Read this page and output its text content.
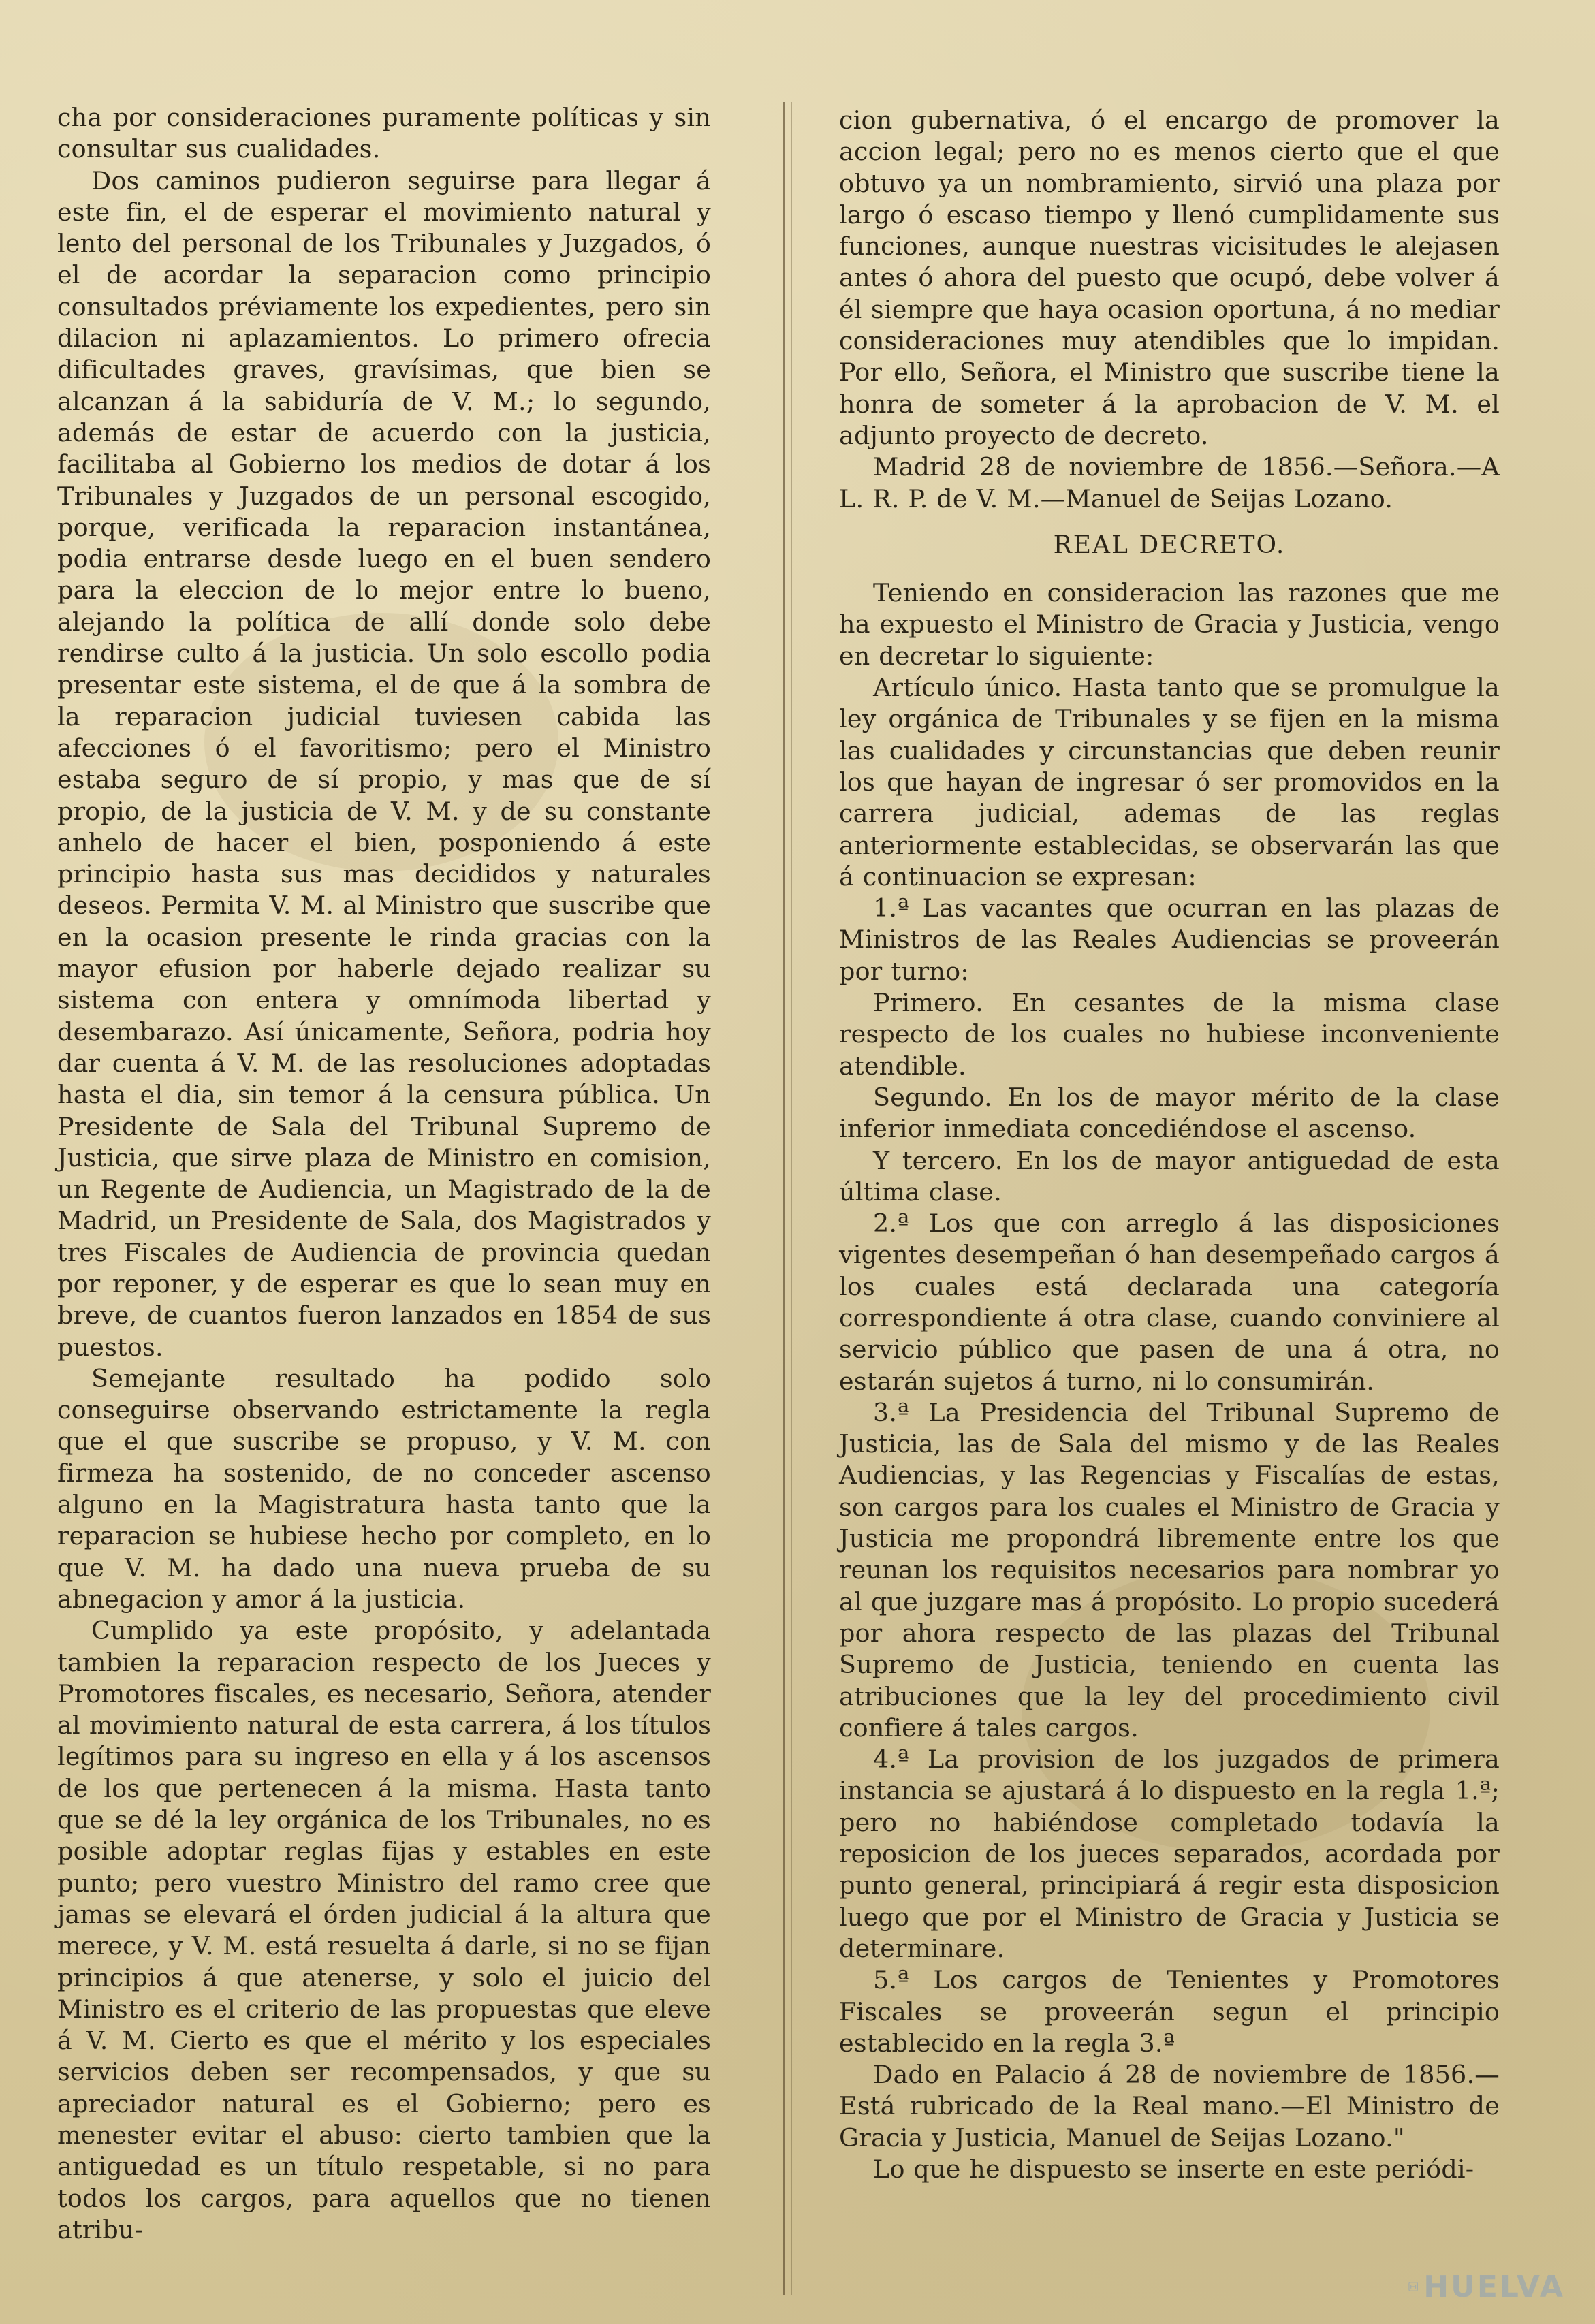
cha por consideraciones puramente políticas y sin consultar sus cualidades.

Dos caminos pudieron seguirse para llegar á este fin, el de esperar el movimiento natural y lento del personal de los Tribunales y Juzgados, ó el de acordar la separacion como principio consultados préviamente los expedientes, pero sin dilacion ni aplazamientos. Lo primero ofrecia dificultades graves, gravísimas, que bien se alcanzan á la sabiduría de V. M.; lo segundo, además de estar de acuerdo con la justicia, facilitaba al Gobierno los medios de dotar á los Tribunales y Juzgados de un personal escogido, porque, verificada la reparacion instantánea, podia entrarse desde luego en el buen sendero para la eleccion de lo mejor entre lo bueno, alejando la política de allí donde solo debe rendirse culto á la justicia. Un solo escollo podia presentar este sistema, el de que á la sombra de la reparacion judicial tuviesen cabida las afecciones ó el favoritismo; pero el Ministro estaba seguro de sí propio, y mas que de sí propio, de la justicia de V. M. y de su constante anhelo de hacer el bien, posponiendo á este principio hasta sus mas decididos y naturales deseos. Permita V. M. al Ministro que suscribe que en la ocasion presente le rinda gracias con la mayor efusion por haberle dejado realizar su sistema con entera y omnímoda libertad y desembarazo. Así únicamente, Señora, podria hoy dar cuenta á V. M. de las resoluciones adoptadas hasta el dia, sin temor á la censura pública. Un Presidente de Sala del Tribunal Supremo de Justicia, que sirve plaza de Ministro en comision, un Regente de Audiencia, un Magistrado de la de Madrid, un Presidente de Sala, dos Magistrados y tres Fiscales de Audiencia de provincia quedan por reponer, y de esperar es que lo sean muy en breve, de cuantos fueron lanzados en 1854 de sus puestos.

Semejante resultado ha podido solo conseguirse observando estrictamente la regla que el que suscribe se propuso, y V. M. con firmeza ha sostenido, de no conceder ascenso alguno en la Magistratura hasta tanto que la reparacion se hubiese hecho por completo, en lo que V. M. ha dado una nueva prueba de su abnegacion y amor á la justicia.

Cumplido ya este propósito, y adelantada tambien la reparacion respecto de los Jueces y Promotores fiscales, es necesario, Señora, atender al movimiento natural de esta carrera, á los títulos legítimos para su ingreso en ella y á los ascensos de los que pertenecen á la misma. Hasta tanto que se dé la ley orgánica de los Tribunales, no es posible adoptar reglas fijas y estables en este punto; pero vuestro Ministro del ramo cree que jamas se elevará el órden judicial á la altura que merece, y V. M. está resuelta á darle, si no se fijan principios á que atenerse, y solo el juicio del Ministro es el criterio de las propuestas que eleve á V. M. Cierto es que el mérito y los especiales servicios deben ser recompensados, y que su apreciador natural es el Gobierno; pero es menester evitar el abuso: cierto tambien que la antiguedad es un título respetable, si no para todos los cargos, para aquellos que no tienen atribu-

cion gubernativa, ó el encargo de promover la accion legal; pero no es menos cierto que el que obtuvo ya un nombramiento, sirvió una plaza por largo ó escaso tiempo y llenó cumplidamente sus funciones, aunque nuestras vicisitudes le alejasen antes ó ahora del puesto que ocupó, debe volver á él siempre que haya ocasion oportuna, á no mediar consideraciones muy atendibles que lo impidan. Por ello, Señora, el Ministro que suscribe tiene la honra de someter á la aprobacion de V. M. el adjunto proyecto de decreto.

Madrid 28 de noviembre de 1856.—Señora.—A L. R. P. de V. M.—Manuel de Seijas Lozano.

REAL DECRETO.

Teniendo en consideracion las razones que me ha expuesto el Ministro de Gracia y Justicia, vengo en decretar lo siguiente:

Artículo único. Hasta tanto que se promulgue la ley orgánica de Tribunales y se fijen en la misma las cualidades y circunstancias que deben reunir los que hayan de ingresar ó ser promovidos en la carrera judicial, ademas de las reglas anteriormente establecidas, se observarán las que á continuacion se expresan:

1.ª Las vacantes que ocurran en las plazas de Ministros de las Reales Audiencias se proveerán por turno:

Primero. En cesantes de la misma clase respecto de los cuales no hubiese inconveniente atendible.

Segundo. En los de mayor mérito de la clase inferior inmediata concediéndose el ascenso.

Y tercero. En los de mayor antiguedad de esta última clase.

2.ª Los que con arreglo á las disposiciones vigentes desempeñan ó han desempeñado cargos á los cuales está declarada una categoría correspondiente á otra clase, cuando conviniere al servicio público que pasen de una á otra, no estarán sujetos á turno, ni lo consumirán.

3.ª La Presidencia del Tribunal Supremo de Justicia, las de Sala del mismo y de las Reales Audiencias, y las Regencias y Fiscalías de estas, son cargos para los cuales el Ministro de Gracia y Justicia me propondrá libremente entre los que reunan los requisitos necesarios para nombrar yo al que juzgare mas á propósito. Lo propio sucederá por ahora respecto de las plazas del Tribunal Supremo de Justicia, teniendo en cuenta las atribuciones que la ley del procedimiento civil confiere á tales cargos.

4.ª La provision de los juzgados de primera instancia se ajustará á lo dispuesto en la regla 1.ª; pero no habiéndose completado todavía la reposicion de los jueces separados, acordada por punto general, principiará á regir esta disposicion luego que por el Ministro de Gracia y Justicia se determinare.

5.ª Los cargos de Tenientes y Promotores Fiscales se proveerán segun el principio establecido en la regla 3.ª

Dado en Palacio á 28 de noviembre de 1856.—Está rubricado de la Real mano.—El Ministro de Gracia y Justicia, Manuel de Seijas Lozano."

Lo que he dispuesto se inserte en este periódi-

HUELVA
